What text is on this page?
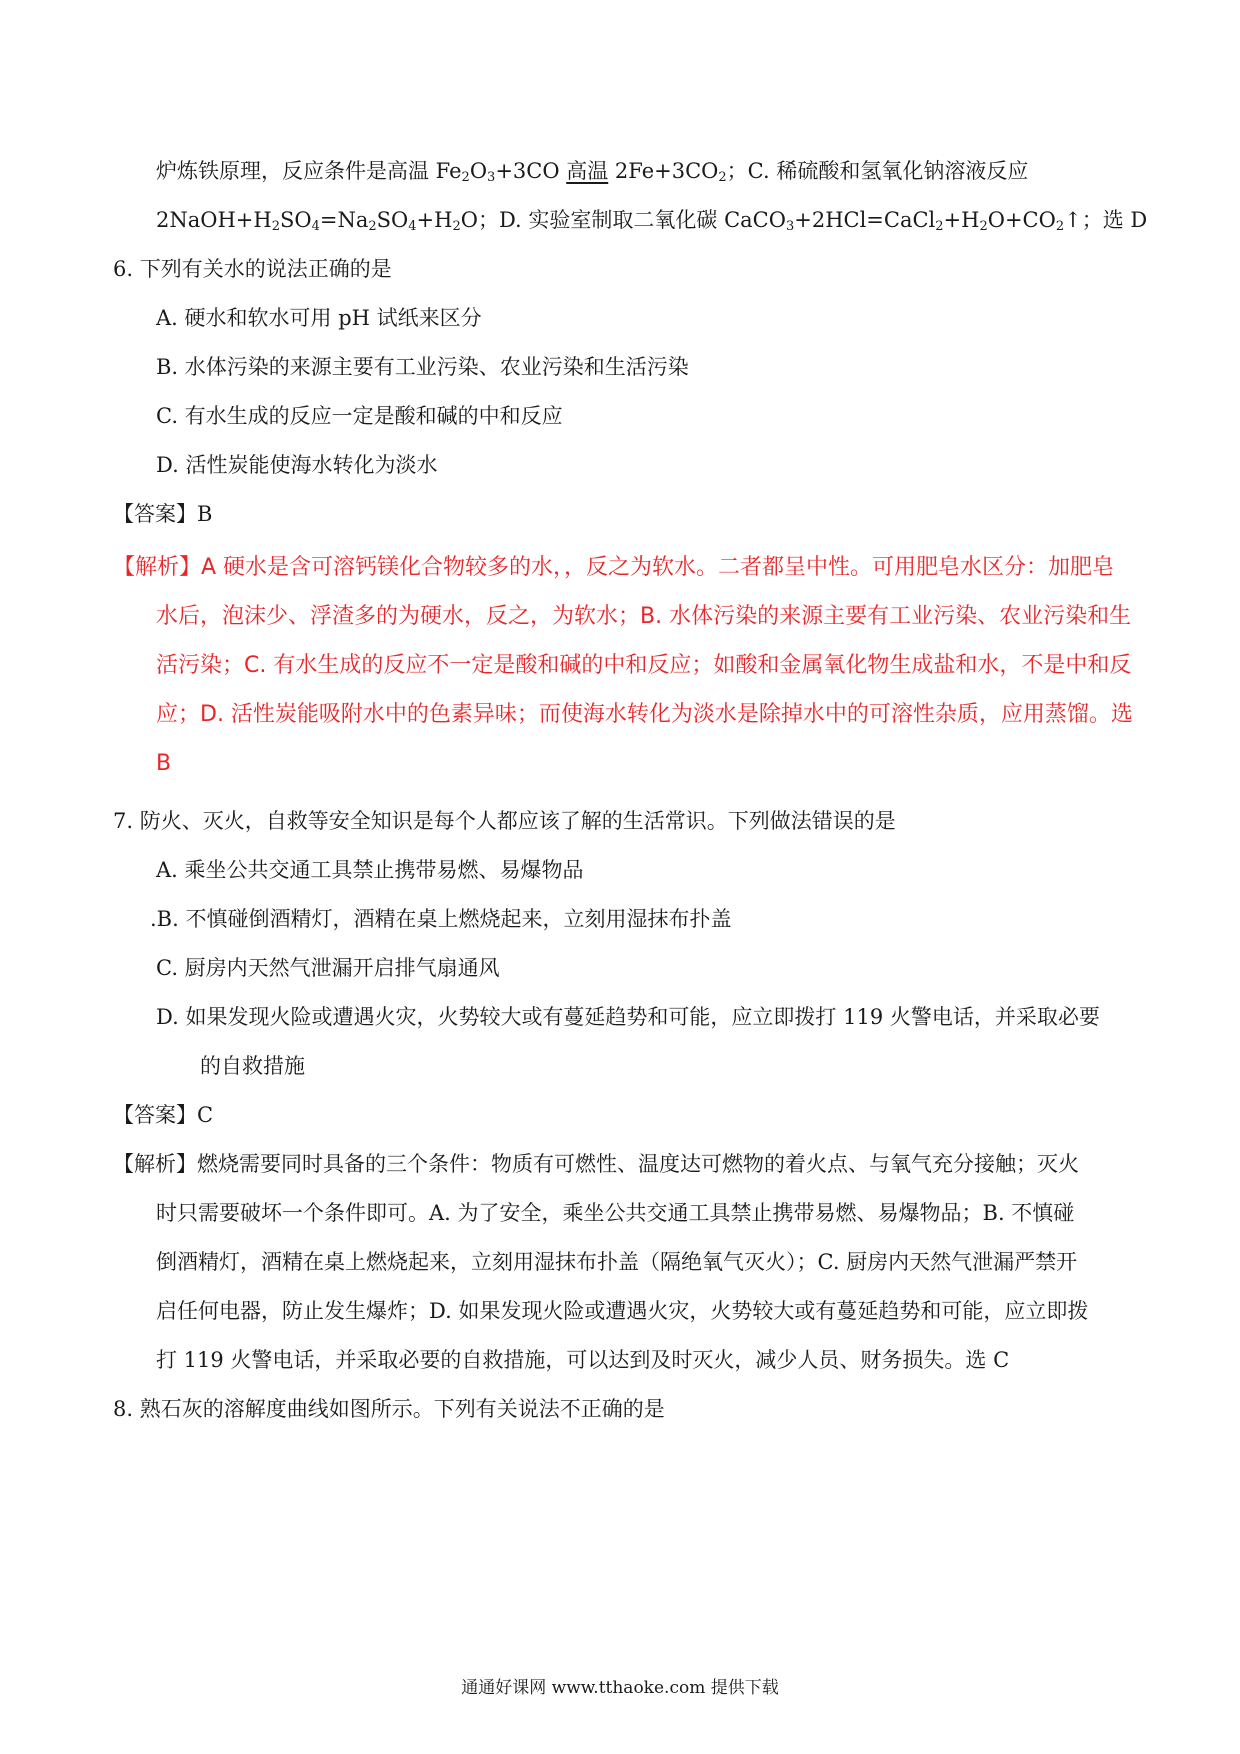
炉炼铁原理，反应条件是高温 $Fe_2O_3+3CO$ 高温 $2Fe+3CO_2$；C. 稀硫酸和氢氧化钠溶液反应
$2NaOH+H_2SO_4=Na_2SO_4+H_2O$；D. 实验室制取二氧化碳 $CaCO_3+2HCl=CaCl_2+H_2O+CO_2↑$；选 D
6. 下列有关水的说法正确的是
A. 硬水和软水可用 pH 试纸来区分
B. 水体污染的来源主要有工业污染、农业污染和生活污染
C. 有水生成的反应一定是酸和碱的中和反应
D. 活性炭能使海水转化为淡水
【答案】B
【解析】A 硬水是含可溶钙镁化合物较多的水，，反之为软水。二者都呈中性。可用肥皂水区分：加肥皂
水后，泡沫少、浮渣多的为硬水，反之，为软水；B. 水体污染的来源主要有工业污染、农业污染和生
活污染；C. 有水生成的反应不一定是酸和碱的中和反应；如酸和金属氧化物生成盐和水，不是中和反
应；D. 活性炭能吸附水中的色素异味；而使海水转化为淡水是除掉水中的可溶性杂质，应用蒸馏。选
B
7. 防火、灭火，自救等安全知识是每个人都应该了解的生活常识。下列做法错误的是
A. 乘坐公共交通工具禁止携带易燃、易爆物品
.B. 不慎碰倒酒精灯，酒精在桌上燃烧起来，立刻用湿抹布扑盖
C. 厨房内天然气泄漏开启排气扇通风
D. 如果发现火险或遭遇火灾，火势较大或有蔓延趋势和可能，应立即拨打 119 火警电话，并采取必要
的自救措施
【答案】C
【解析】燃烧需要同时具备的三个条件：物质有可燃性、温度达可燃物的着火点、与氧气充分接触；灭火
时只需要破坏一个条件即可。A. 为了安全，乘坐公共交通工具禁止携带易燃、易爆物品；B. 不慎碰
倒酒精灯，酒精在桌上燃烧起来，立刻用湿抹布扑盖（隔绝氧气灭火）；C. 厨房内天然气泄漏严禁开
启任何电器，防止发生爆炸；D. 如果发现火险或遭遇火灾，火势较大或有蔓延趋势和可能，应立即拨
打 119 火警电话，并采取必要的自救措施，可以达到及时灭火，减少人员、财务损失。选 C
8. 熟石灰的溶解度曲线如图所示。下列有关说法不正确的是
通通好课网 www.tthaoke.com 提供下载
